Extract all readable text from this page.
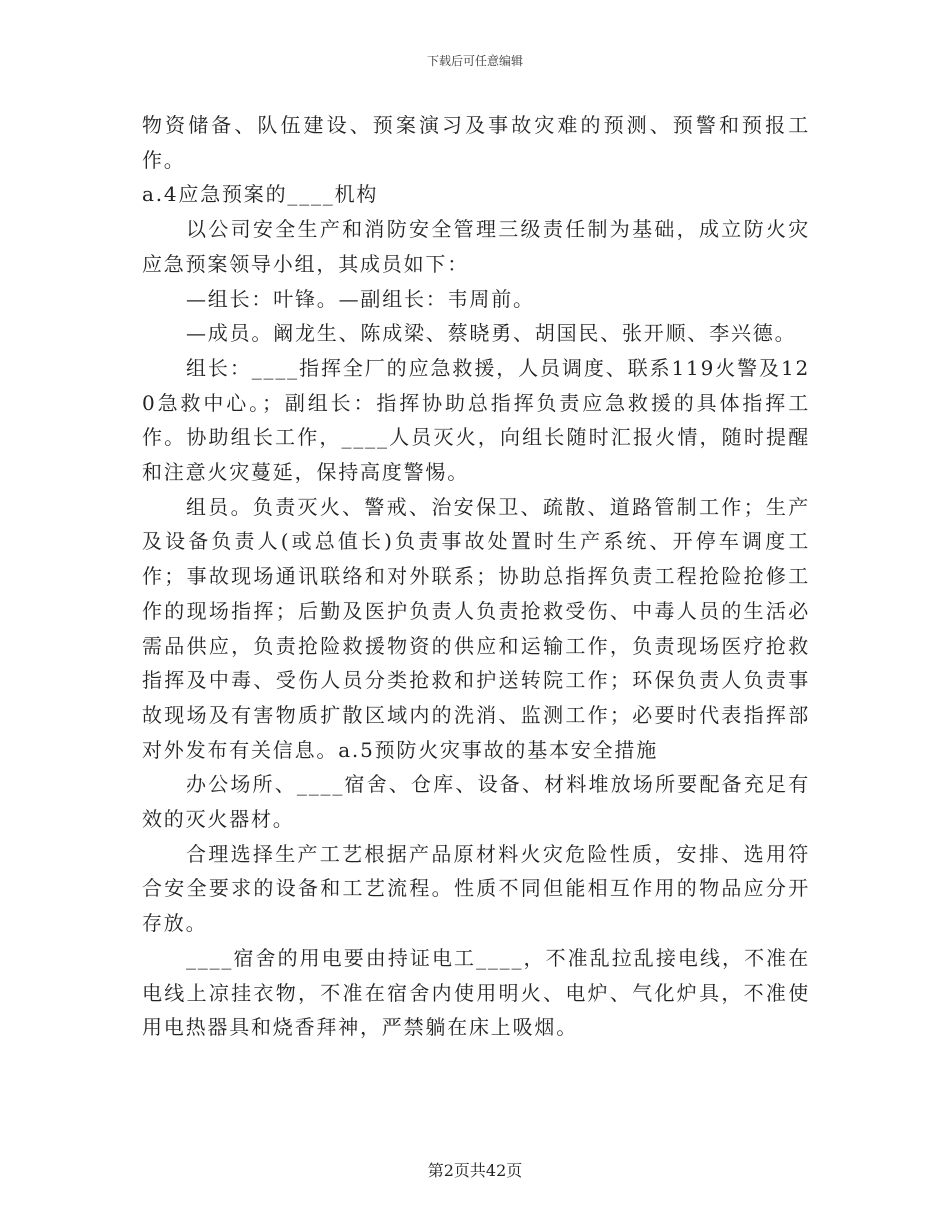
下载后可任意编辑

物资储备、队伍建设、预案演习及事故灾难的预测、预警和预报工作。

a.4应急预案的____机构

以公司安全生产和消防安全管理三级责任制为基础，成立防火灾应急预案领导小组，其成员如下：

—组长：叶锋。—副组长：韦周前。

—成员。阚龙生、陈成梁、蔡晓勇、胡国民、张开顺、李兴德。

组长：____指挥全厂的应急救援，人员调度、联系119火警及120急救中心。；副组长：指挥协助总指挥负责应急救援的具体指挥工作。协助组长工作，____人员灭火，向组长随时汇报火情，随时提醒和注意火灾蔓延，保持高度警惕。

组员。负责灭火、警戒、治安保卫、疏散、道路管制工作；生产及设备负责人(或总值长)负责事故处置时生产系统、开停车调度工作；事故现场通讯联络和对外联系；协助总指挥负责工程抢险抢修工作的现场指挥；后勤及医护负责人负责抢救受伤、中毒人员的生活必需品供应，负责抢险救援物资的供应和运输工作，负责现场医疗抢救指挥及中毒、受伤人员分类抢救和护送转院工作；环保负责人负责事故现场及有害物质扩散区域内的洗消、监测工作；必要时代表指挥部对外发布有关信息。a.5预防火灾事故的基本安全措施

办公场所、____宿舍、仓库、设备、材料堆放场所要配备充足有效的灭火器材。

合理选择生产工艺根据产品原材料火灾危险性质，安排、选用符合安全要求的设备和工艺流程。性质不同但能相互作用的物品应分开存放。

____宿舍的用电要由持证电工____，不准乱拉乱接电线，不准在电线上凉挂衣物，不准在宿舍内使用明火、电炉、气化炉具，不准使用电热器具和烧香拜神，严禁躺在床上吸烟。

第2页共42页
